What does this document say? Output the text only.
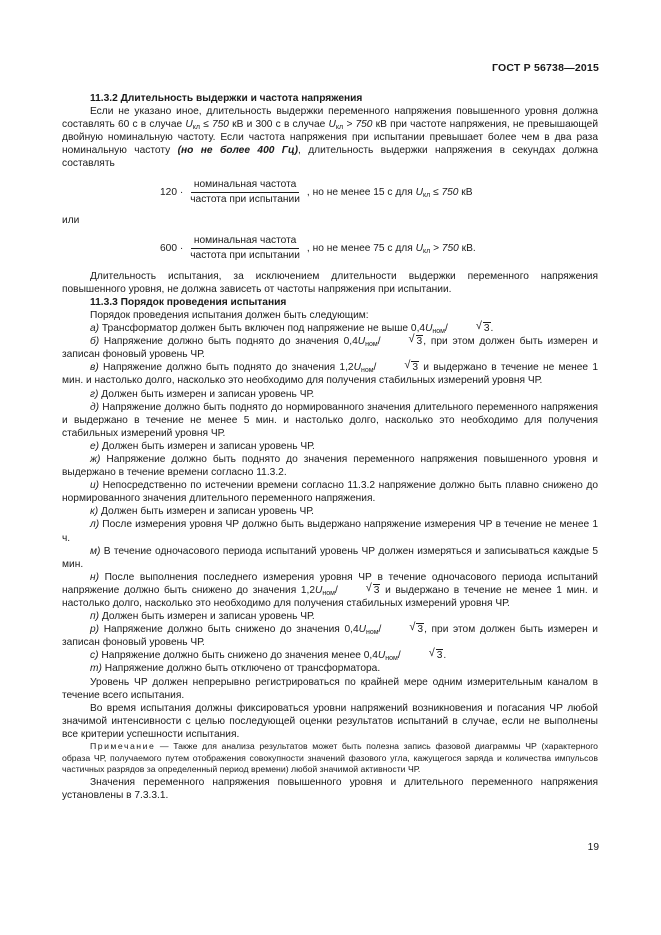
ГОСТ Р 56738—2015

11.3.2 Длительность выдержки и частота напряжения

Если не указано иное, длительность выдержки переменного напряжения повышенного уровня должна составлять 60 с в случае $U_{кл} \le 750$ кВ и 300 с в случае $U_{кл} > 750$ кВ при частоте напряжения, не превышающей двойную номинальную частоту. Если частота напряжения при испытании превышает более чем в два раза номинальную частоту (но не более 400 Гц), длительность выдержки напряжения в секундах должна составлять

$120 \cdot \frac{\text{номинальная частота}}{\text{частота при испытании}}$ , но не менее 15 с для $U_{кл} \le 750$ кВ

или

$600 \cdot \frac{\text{номинальная частота}}{\text{частота при испытании}}$ , но не менее 75 с для $U_{кл} > 750$ кВ.

Длительность испытания, за исключением длительности выдержки переменного напряжения повышенного уровня, не должна зависеть от частоты напряжения при испытании.

11.3.3 Порядок проведения испытания

Порядок проведения испытания должен быть следующим:

а) Трансформатор должен быть включен под напряжение не выше $0,4U_{ном}/$	√ 3.

б) Напряжение должно быть поднято до значения $0,4U_{ном}/$	√ 3, при этом должен быть измерен и записан фоновый уровень ЧР.

в) Напряжение должно быть поднято до значения $1,2U_{ном}/$	√ 3 и выдержано в течение не менее 1 мин. и настолько долго, насколько это необходимо для получения стабильных измерений уровня ЧР.

г) Должен быть измерен и записан уровень ЧР.

д) Напряжение должно быть поднято до нормированного значения длительного переменного напряжения и выдержано в течение не менее 5 мин. и настолько долго, насколько это необходимо для получения стабильных измерений уровня ЧР.

е) Должен быть измерен и записан уровень ЧР.

ж) Напряжение должно быть поднято до значения переменного напряжения повышенного уровня и выдержано в течение времени согласно 11.3.2.

и) Непосредственно по истечении времени согласно 11.3.2 напряжение должно быть плавно снижено до нормированного значения длительного переменного напряжения.

к) Должен быть измерен и записан уровень ЧР.

л) После измерения уровня ЧР должно быть выдержано напряжение измерения ЧР в течение не менее 1 ч.

м) В течение одночасового периода испытаний уровень ЧР должен измеряться и записываться каждые 5 мин.

н) После выполнения последнего измерения уровня ЧР в течение одночасового периода испытаний напряжение должно быть снижено до значения $1,2U_{ном}/$	√ 3 и выдержано в течение не менее 1 мин. и настолько долго, насколько это необходимо для получения стабильных измерений уровня ЧР.

п) Должен быть измерен и записан уровень ЧР.

р) Напряжение должно быть снижено до значения $0,4U_{ном}/$	√ 3, при этом должен быть измерен и записан фоновый уровень ЧР.

с) Напряжение должно быть снижено до значения менее $0,4U_{ном}/$	√ 3.

т) Напряжение должно быть отключено от трансформатора.

Уровень ЧР должен непрерывно регистрироваться по крайней мере одним измерительным каналом в течение всего испытания.

Во время испытания должны фиксироваться уровни напряжений возникновения и погасания ЧР любой значимой интенсивности с целью последующей оценки результатов испытаний в случае, если не выполнены все критерии успешности испытания.

Примечание — Также для анализа результатов может быть полезна запись фазовой диаграммы ЧР (характерного образа ЧР, получаемого путем отображения совокупности значений фазового угла, кажущегося заряда и количества импульсов частичных разрядов за определенный период времени) любой значимой активности ЧР.

Значения переменного напряжения повышенного уровня и длительного переменного напряжения установлены в 7.3.3.1.

19
